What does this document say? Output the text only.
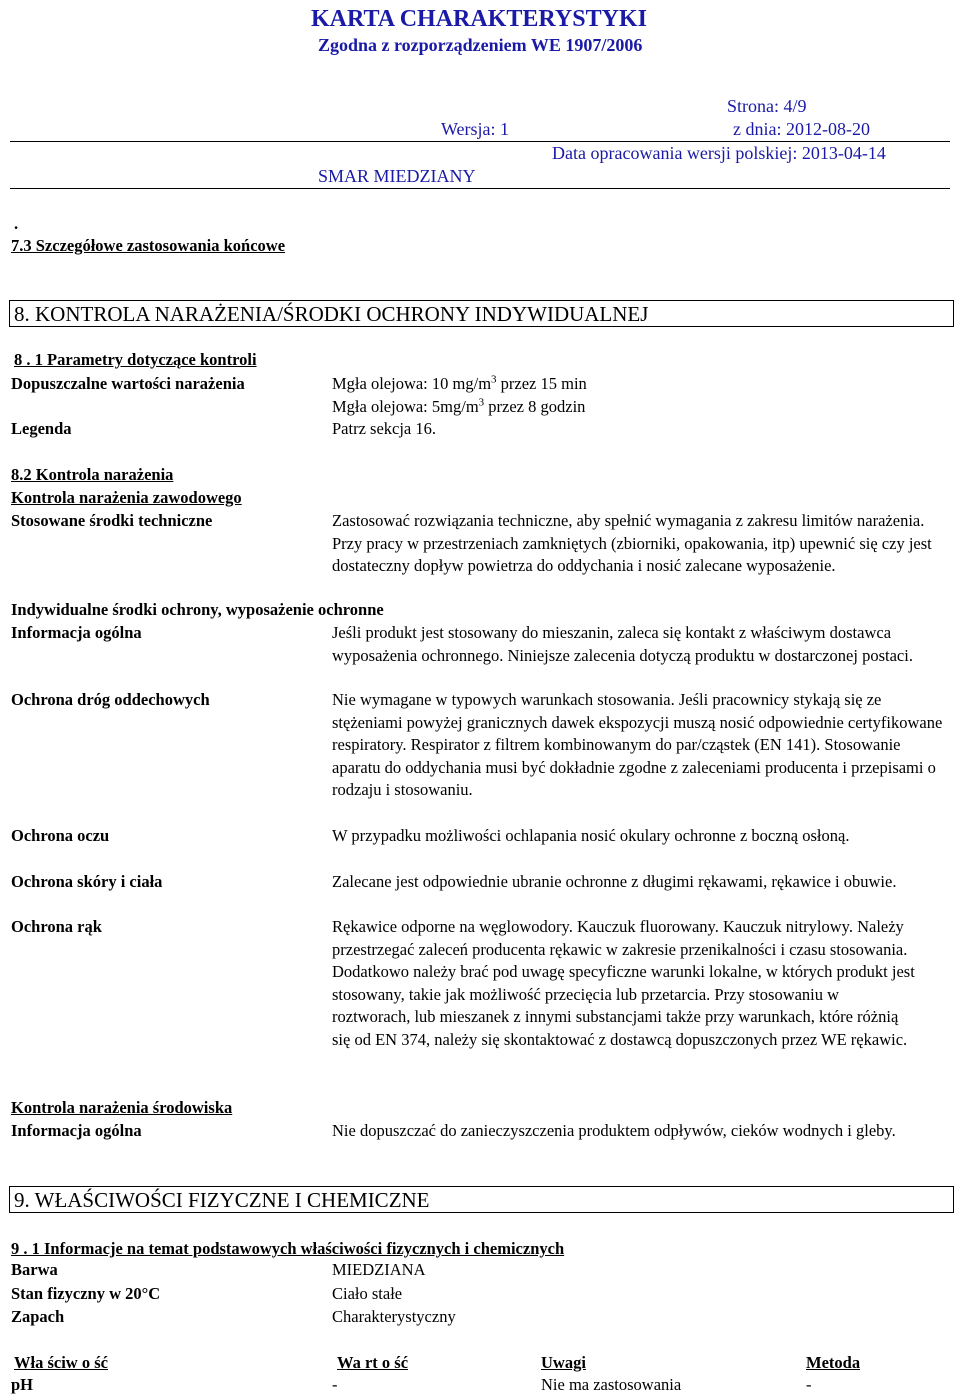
KARTA CHARAKTERYSTYKI
Zgodna z rozporządzeniem WE 1907/2006
Strona: 4/9
Wersja: 1	z dnia: 2012-08-20
Data opracowania wersji polskiej: 2013-04-14
SMAR MIEDZIANY
.
7.3 Szczegółowe zastosowania końcowe
8. KONTROLA NARAŻENIA/ŚRODKI OCHRONY INDYWIDUALNEJ
8 . 1 Parametry dotyczące kontroli
Dopuszczalne wartości narażenia	Mgła olejowa: 10 $mg/m^3$ przez 15 min
Mgła olejowa: $5mg/m^3$ przez 8 godzin
Legenda	Patrz sekcja 16.
8.2 Kontrola narażenia
Kontrola narażenia zawodowego
Stosowane środki techniczne	Zastosować rozwiązania techniczne, aby spełnić wymagania z zakresu limitów narażenia. Przy pracy w przestrzeniach zamkniętych (zbiorniki, opakowania, itp) upewnić się czy jest dostateczny dopływ powietrza do oddychania i nosić zalecane wyposażenie.
Indywidualne środki ochrony, wyposażenie ochronne
Informacja ogólna	Jeśli produkt jest stosowany do mieszanin, zaleca się kontakt z właściwym dostawca wyposażenia ochronnego. Niniejsze zalecenia dotyczą produktu w dostarczonej postaci.
Ochrona dróg oddechowych	Nie wymagane w typowych warunkach stosowania. Jeśli pracownicy stykają się ze stężeniami powyżej granicznych dawek ekspozycji muszą nosić odpowiednie certyfikowane respiratory. Respirator z filtrem kombinowanym do par/cząstek (EN 141). Stosowanie aparatu do oddychania musi być dokładnie zgodne z zaleceniami producenta i przepisami o rodzaju i stosowaniu.
Ochrona oczu	W przypadku możliwości ochlapania nosić okulary ochronne z boczną osłoną.
Ochrona skóry i ciała	Zalecane jest odpowiednie ubranie ochronne z długimi rękawami, rękawice i obuwie.
Ochrona rąk	Rękawice odporne na węglowodory. Kauczuk fluorowany. Kauczuk nitrylowy. Należy przestrzegać zaleceń producenta rękawic w zakresie przenikalności i czasu stosowania. Dodatkowo należy brać pod uwagę specyficzne warunki lokalne, w których produkt jest stosowany, takie jak możliwość przecięcia lub przetarcia. Przy stosowaniu w roztworach, lub mieszanek z innymi substancjami także przy warunkach, które różnią się od EN 374, należy się skontaktować z dostawcą dopuszczonych przez WE rękawic.
Kontrola narażenia środowiska
Informacja ogólna	Nie dopuszczać do zanieczyszczenia produktem odpływów, cieków wodnych i gleby.
9. WŁAŚCIWOŚCI FIZYCZNE I CHEMICZNE
9 . 1 Informacje na temat podstawowych właściwości fizycznych i chemicznych
Barwa	MIEDZIANA
Stan fizyczny w 20°C	Ciało stałe
Zapach	Charakterystyczny
Wła ściw o ść	Wa rt o ść	Uwagi	Metoda
pH	-	Nie ma zastosowania	-
